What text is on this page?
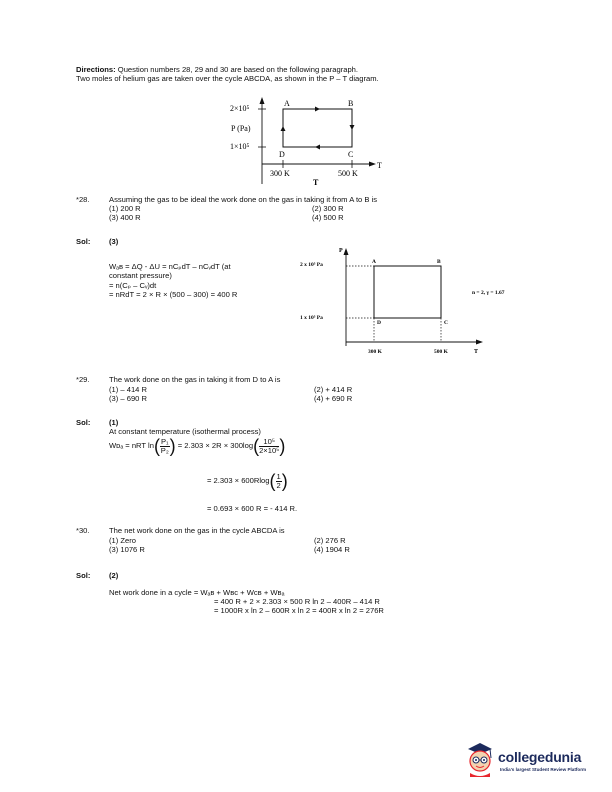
Directions: Question numbers 28, 29 and 30 are based on the following paragraph.
Two moles of helium gas are taken over the cycle ABCDA, as shown in the P – T diagram.
2×10⁵
1×10⁵
P (Pa)
A	B
C
D
300 K	500 K
T
T
*28.	Assuming the gas to be ideal the work done on the gas in taking it from A to B is
(1) 200 R	(2) 300 R
(3) 400 R	(4) 500 R
Sol: (3)
Wₐʙ = ΔQ - ΔU = nCₚdT – nCᵥdT (at
constant pressure)
= n(Cₚ – Cᵥ)dt
= nRdT = 2 × R × (500 – 300) = 400 R
P
2 x 10⁵ Pa
1 x 10⁵ Pa
A	B
C
D
300 K	500 K	T
n = 2, γ = 1.67
*29.	The work done on the gas in taking it from D to A is
(1) – 414 R	(2) + 414 R
(3) – 690 R	(4) + 690 R
Sol: (1)
At constant temperature (isothermal process)
Wᴅₐ = nRT $\ln( \frac{\text{P₁}}{\text{P₂}}$ ) = $2.303 \times 2R \times 300\log( \frac{\text{10⁵}}{\text{2×10⁵}}$ )
= $2.303 \times 600Rlog( \frac{1}{2}$ )
= 0.693 × 600 R = - 414 R.
*30.	The net work done on the gas in the cycle ABCDA is
(1) Zero	(2) 276 R
(3) 1076 R	(4) 1904 R
Sol: (2)
Net work done in a cycle = Wₐʙ + Wʙᴄ + Wᴄʙ + Wʙₐ
= 400 R + 2 × 2.303 × 500 R ln 2 – 400R – 414 R
= 1000R x ln 2 – 600R x ln 2 = 400R x ln 2 = 276R
collegedunia
India's largest Student Review Platform
